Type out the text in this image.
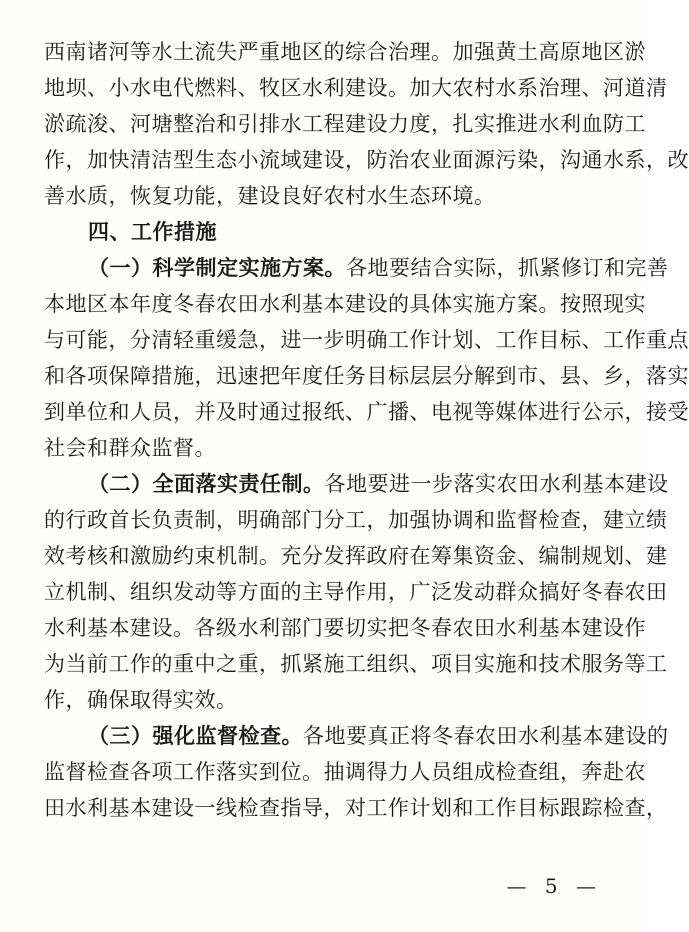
西南诸河等水土流失严重地区的综合治理。加强黄土高原地区淤
地坝、小水电代燃料、牧区水利建设。加大农村水系治理、河道清
淤疏浚、河塘整治和引排水工程建设力度，扎实推进水利血防工
作，加快清洁型生态小流域建设，防治农业面源污染，沟通水系，改
善水质，恢复功能，建设良好农村水生态环境。
四、工作措施
（一）科学制定实施方案。各地要结合实际，抓紧修订和完善
本地区本年度冬春农田水利基本建设的具体实施方案。按照现实
与可能，分清轻重缓急，进一步明确工作计划、工作目标、工作重点
和各项保障措施，迅速把年度任务目标层层分解到市、县、乡，落实
到单位和人员，并及时通过报纸、广播、电视等媒体进行公示，接受
社会和群众监督。
（二）全面落实责任制。各地要进一步落实农田水利基本建设
的行政首长负责制，明确部门分工，加强协调和监督检查，建立绩
效考核和激励约束机制。充分发挥政府在筹集资金、编制规划、建
立机制、组织发动等方面的主导作用，广泛发动群众搞好冬春农田
水利基本建设。各级水利部门要切实把冬春农田水利基本建设作
为当前工作的重中之重，抓紧施工组织、项目实施和技术服务等工
作，确保取得实效。
（三）强化监督检查。各地要真正将冬春农田水利基本建设的
监督检查各项工作落实到位。抽调得力人员组成检查组，奔赴农
田水利基本建设一线检查指导，对工作计划和工作目标跟踪检查，
— 5 —
